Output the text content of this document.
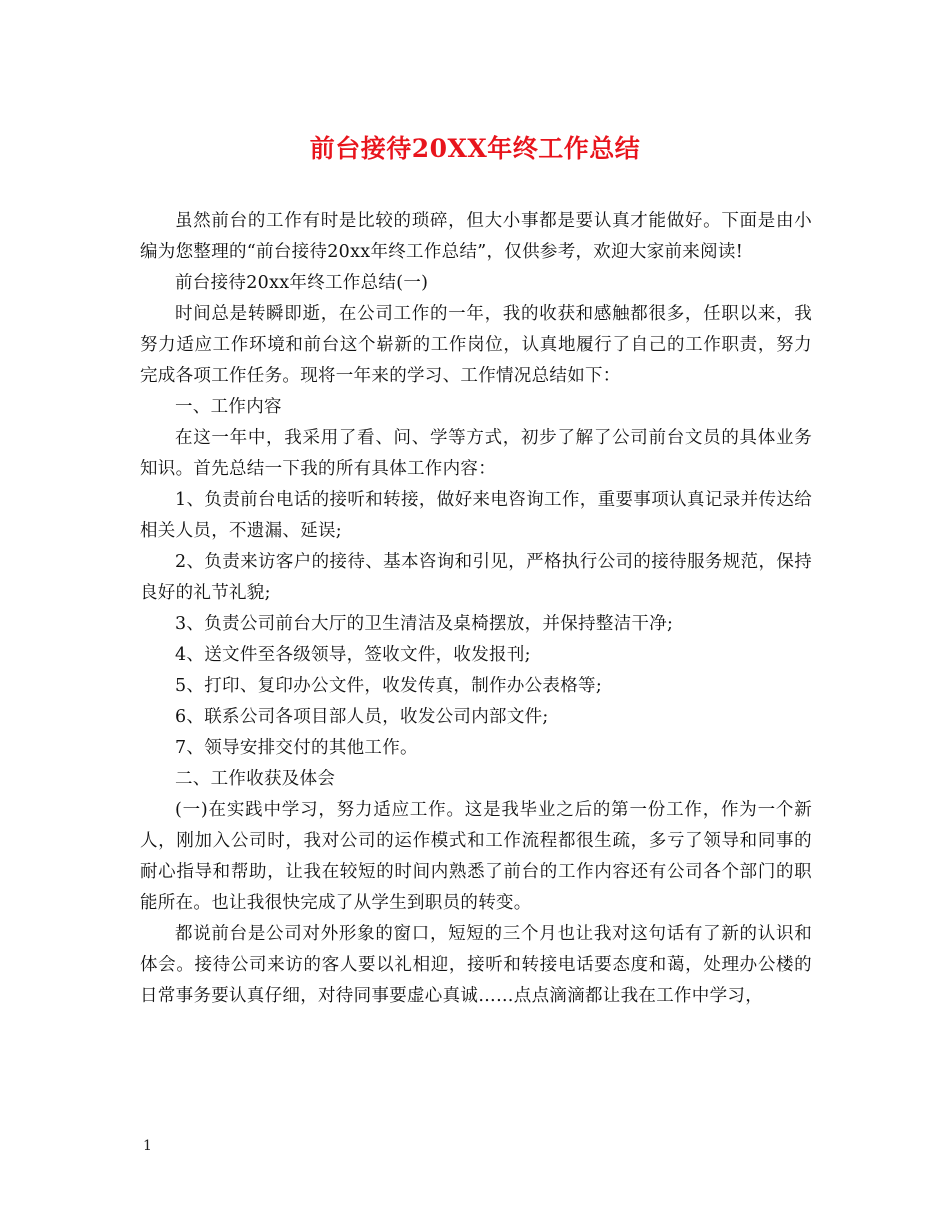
前台接待20XX年终工作总结

虽然前台的工作有时是比较的琐碎，但大小事都是要认真才能做好。下面是由小编为您整理的“前台接待20xx年终工作总结”，仅供参考，欢迎大家前来阅读!

前台接待20xx年终工作总结(一)

时间总是转瞬即逝，在公司工作的一年，我的收获和感触都很多，任职以来，我努力适应工作环境和前台这个崭新的工作岗位，认真地履行了自己的工作职责，努力完成各项工作任务。现将一年来的学习、工作情况总结如下：

一、工作内容

在这一年中，我采用了看、问、学等方式，初步了解了公司前台文员的具体业务知识。首先总结一下我的所有具体工作内容：

1、负责前台电话的接听和转接，做好来电咨询工作，重要事项认真记录并传达给相关人员，不遗漏、延误;

2、负责来访客户的接待、基本咨询和引见，严格执行公司的接待服务规范，保持良好的礼节礼貌;

3、负责公司前台大厅的卫生清洁及桌椅摆放，并保持整洁干净;

4、送文件至各级领导，签收文件，收发报刊;

5、打印、复印办公文件，收发传真，制作办公表格等;

6、联系公司各项目部人员，收发公司内部文件;

7、领导安排交付的其他工作。

二、工作收获及体会

(一)在实践中学习，努力适应工作。这是我毕业之后的第一份工作，作为一个新人，刚加入公司时，我对公司的运作模式和工作流程都很生疏，多亏了领导和同事的耐心指导和帮助，让我在较短的时间内熟悉了前台的工作内容还有公司各个部门的职能所在。也让我很快完成了从学生到职员的转变。

都说前台是公司对外形象的窗口，短短的三个月也让我对这句话有了新的认识和体会。接待公司来访的客人要以礼相迎，接听和转接电话要态度和蔼，处理办公楼的日常事务要认真仔细，对待同事要虚心真诚……点点滴滴都让我在工作中学习，

1
